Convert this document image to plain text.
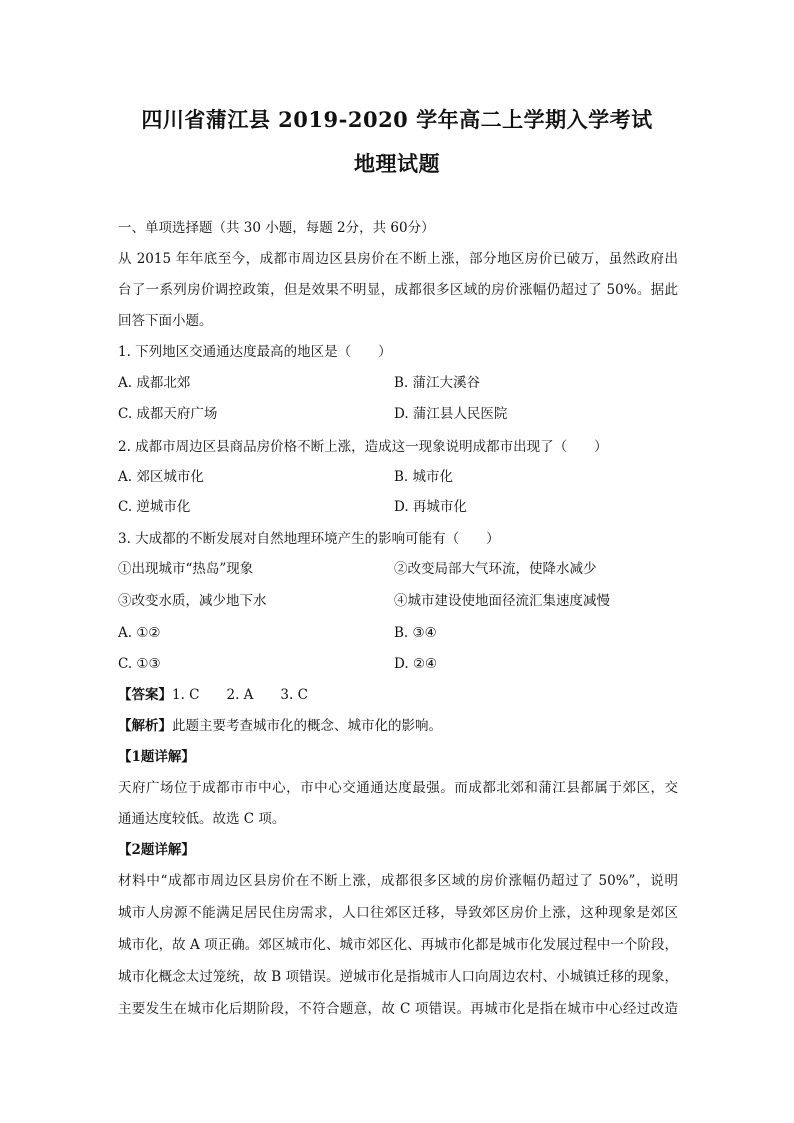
四川省蒲江县 2019-2020 学年高二上学期入学考试
地理试题
一、单项选择题（共 30 小题，每题 2分，共 60分）
从 2015 年年底至今，成都市周边区县房价在不断上涨，部分地区房价已破万，虽然政府出
台了一系列房价调控政策，但是效果不明显，成都很多区域的房价涨幅仍超过了 50%。据此
回答下面小题。
1. 下列地区交通通达度最高的地区是（　　）
A. 成都北郊	B. 蒲江大溪谷
C. 成都天府广场	D. 蒲江县人民医院
2. 成都市周边区县商品房价格不断上涨，造成这一现象说明成都市出现了（　　）
A. 郊区城市化	B. 城市化
C. 逆城市化	D. 再城市化
3. 大成都的不断发展对自然地理环境产生的影响可能有（　　）
①出现城市“热岛”现象	②改变局部大气环流，使降水减少
③改变水质，减少地下水	④城市建设使地面径流汇集速度减慢
A. ①②	B. ③④
C. ①③	D. ②④
【答案】1. C　　2. A　　3. C
【解析】此题主要考查城市化的概念、城市化的影响。
【1题详解】
天府广场位于成都市市中心，市中心交通通达度最强。而成都北郊和蒲江县都属于郊区，交
通通达度较低。故选 C 项。
【2题详解】
材料中“成都市周边区县房价在不断上涨，成都很多区域的房价涨幅仍超过了 50%”，说明
城市人房源不能满足居民住房需求，人口往郊区迁移，导致郊区房价上涨，这种现象是郊区
城市化，故 A 项正确。郊区城市化、城市郊区化、再城市化都是城市化发展过程中一个阶段，
城市化概念太过笼统，故 B 项错误。逆城市化是指城市人口向周边农村、小城镇迁移的现象，
主要发生在城市化后期阶段，不符合题意，故 C 项错误。再城市化是指在城市中心经过改造
